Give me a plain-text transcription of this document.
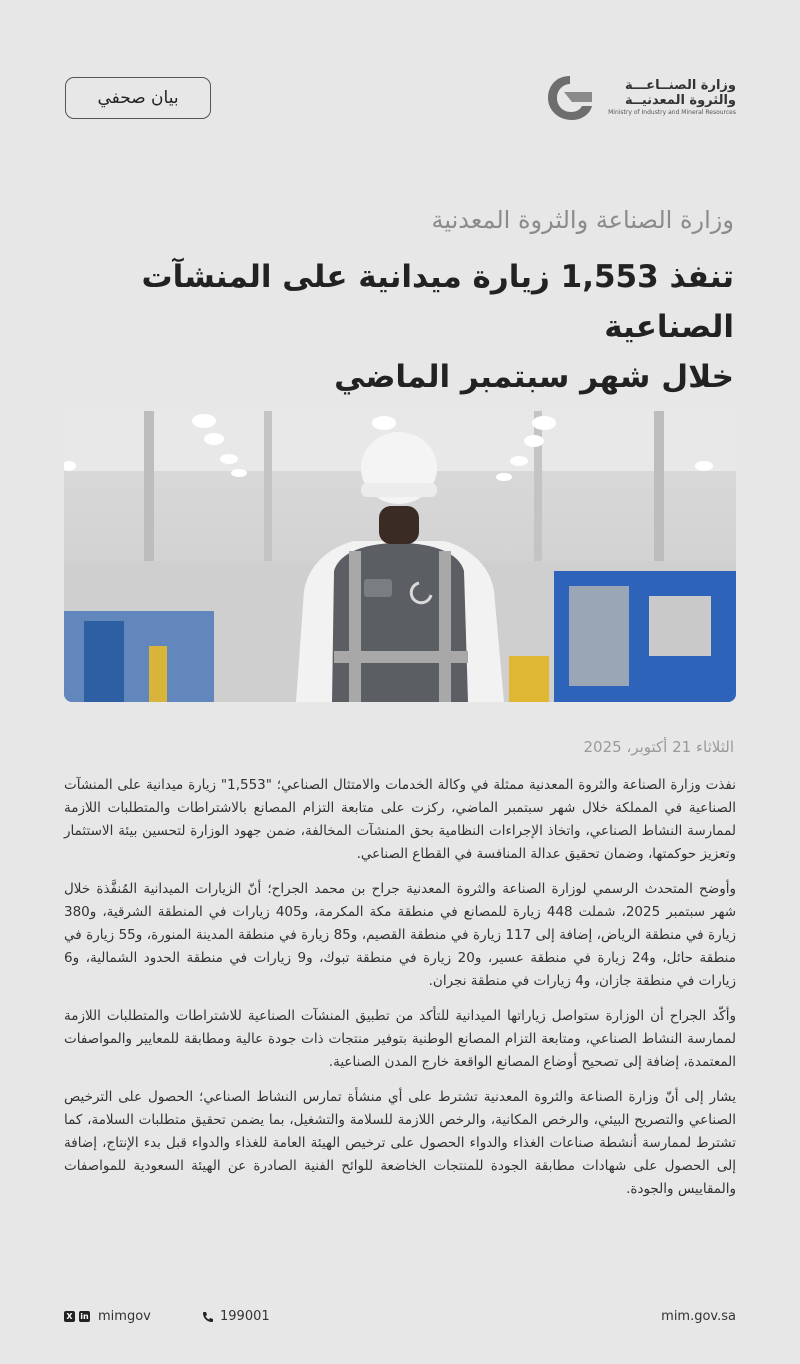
وزارة الصنــاعـــة
والثروة المعدنيــة
Ministry of Industry and Mineral Resources
بيان صحفي
وزارة الصناعة والثروة المعدنية
تنفذ 1,553 زيارة ميدانية على المنشآت الصناعية
خلال شهر سبتمبر الماضي
الثلاثاء 21 أكتوبر، 2025

نفذت وزارة الصناعة والثروة المعدنية ممثلة في وكالة الخدمات والامتثال الصناعي؛ "1,553" زيارة ميدانية على المنشآت الصناعية في المملكة خلال شهر سبتمبر الماضي، ركزت على متابعة التزام المصانع بالاشتراطات والمتطلبات اللازمة لممارسة النشاط الصناعي، واتخاذ الإجراءات النظامية بحق المنشآت المخالفة، ضمن جهود الوزارة لتحسين بيئة الاستثمار وتعزيز حوكمتها، وضمان تحقيق عدالة المنافسة في القطاع الصناعي.

وأوضح المتحدث الرسمي لوزارة الصناعة والثروة المعدنية جراح بن محمد الجراح؛ أنّ الزيارات الميدانية المُنفَّذة خلال شهر سبتمبر 2025، شملت 448 زيارة للمصانع في منطقة مكة المكرمة، و405 زيارات في المنطقة الشرقية، و380 زيارة في منطقة الرياض، إضافة إلى 117 زيارة في منطقة القصيم، و85 زيارة في منطقة المدينة المنورة، و55 زيارة في منطقة حائل، و24 زيارة في منطقة عسير، و20 زيارة في منطقة تبوك، و9 زيارات في منطقة الحدود الشمالية، و6 زيارات في منطقة جازان، و4 زيارات في منطقة نجران.

وأكّد الجراح أن الوزارة ستواصل زياراتها الميدانية للتأكد من تطبيق المنشآت الصناعية للاشتراطات والمتطلبات اللازمة لممارسة النشاط الصناعي، ومتابعة التزام المصانع الوطنية بتوفير منتجات ذات جودة عالية ومطابقة للمعايير والمواصفات المعتمدة، إضافة إلى تصحيح أوضاع المصانع الواقعة خارج المدن الصناعية.

يشار إلى أنّ وزارة الصناعة والثروة المعدنية تشترط على أي منشأة تمارس النشاط الصناعي؛ الحصول على الترخيص الصناعي والتصريح البيئي، والرخص المكانية، والرخص اللازمة للسلامة والتشغيل، بما يضمن تحقيق متطلبات السلامة، كما تشترط لممارسة أنشطة صناعات الغذاء والدواء الحصول على ترخيص الهيئة العامة للغذاء والدواء قبل بدء الإنتاج، إضافة إلى الحصول على شهادات مطابقة الجودة للمنتجات الخاضعة للوائح الفنية الصادرة عن الهيئة السعودية للمواصفات والمقاييس والجودة.

X in mimgov	199001	mim.gov.sa
